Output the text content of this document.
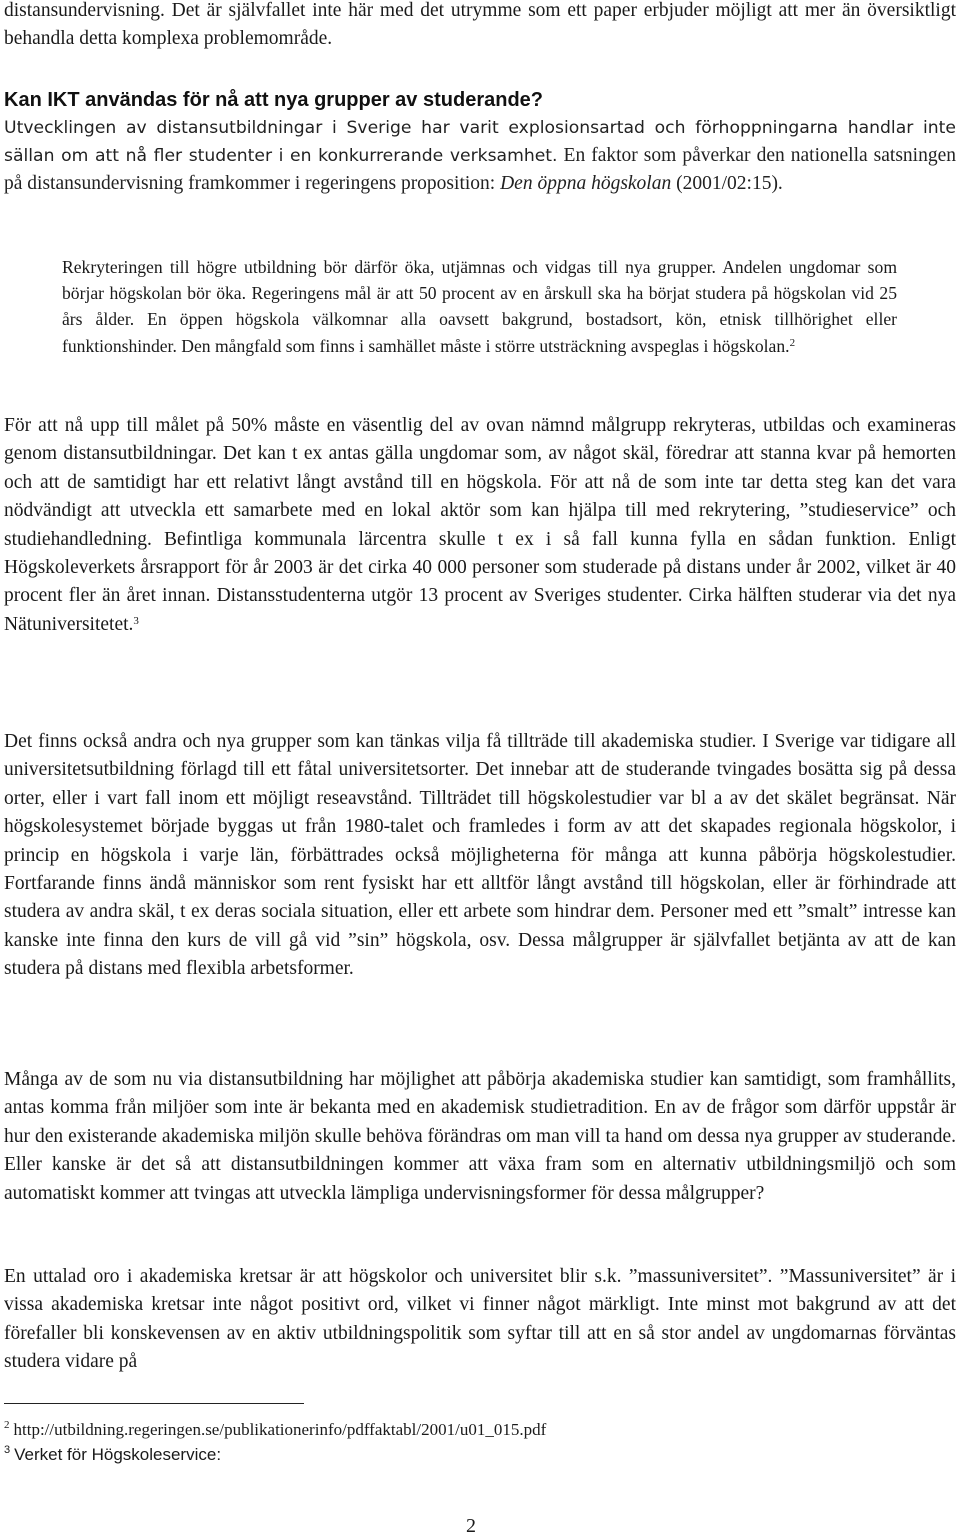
distansundervisning. Det är självfallet inte här med det utrymme som ett paper erbjuder möjligt att mer än översiktligt behandla detta komplexa problemområde.

Kan IKT användas för nå att nya grupper av studerande?

Utvecklingen av distansutbildningar i Sverige har varit explosionsartad och förhoppningarna handlar inte sällan om att nå fler studenter i en konkurrerande verksamhet. En faktor som påverkar den nationella satsningen på distansundervisning framkommer i regeringens proposition: Den öppna högskolan (2001/02:15).

Rekryteringen till högre utbildning bör därför öka, utjämnas och vidgas till nya grupper. Andelen ungdomar som börjar högskolan bör öka. Regeringens mål är att 50 procent av en årskull ska ha börjat studera på högskolan vid 25 års ålder. En öppen högskola välkomnar alla oavsett bakgrund, bostadsort, kön, etnisk tillhörighet eller funktionshinder. Den mångfald som finns i samhället måste i större utsträckning avspeglas i högskolan.$^2$

För att nå upp till målet på 50% måste en väsentlig del av ovan nämnd målgrupp rekryteras, utbildas och examineras genom distansutbildningar. Det kan t ex antas gälla ungdomar som, av något skäl, föredrar att stanna kvar på hemorten och att de samtidigt har ett relativt långt avstånd till en högskola. För att nå de som inte tar detta steg kan det vara nödvändigt att utveckla ett samarbete med en lokal aktör som kan hjälpa till med rekrytering, ”studieservice” och studiehandledning. Befintliga kommunala lärcentra skulle t ex i så fall kunna fylla en sådan funktion. Enligt Högskoleverkets årsrapport för år 2003 är det cirka 40 000 personer som studerade på distans under år 2002, vilket är 40 procent fler än året innan. Distansstudenterna utgör 13 procent av Sveriges studenter. Cirka hälften studerar via det nya Nätuniversitetet.$^3$

Det finns också andra och nya grupper som kan tänkas vilja få tillträde till akademiska studier. I Sverige var tidigare all universitetsutbildning förlagd till ett fåtal universitetsorter. Det innebar att de studerande tvingades bosätta sig på dessa orter, eller i vart fall inom ett möjligt reseavstånd. Tillträdet till högskolestudier var bl a av det skälet begränsat. När högskolesystemet började byggas ut från 1980-talet och framledes i form av att det skapades regionala högskolor, i princip en högskola i varje län, förbättrades också möjligheterna för många att kunna påbörja högskolestudier. Fortfarande finns ändå människor som rent fysiskt har ett alltför långt avstånd till högskolan, eller är förhindrade att studera av andra skäl, t ex deras sociala situation, eller ett arbete som hindrar dem. Personer med ett ”smalt” intresse kan kanske inte finna den kurs de vill gå vid ”sin” högskola, osv. Dessa målgrupper är självfallet betjänta av att de kan studera på distans med flexibla arbetsformer.

Många av de som nu via distansutbildning har möjlighet att påbörja akademiska studier kan samtidigt, som framhållits, antas komma från miljöer som inte är bekanta med en akademisk studietradition. En av de frågor som därför uppstår är hur den existerande akademiska miljön skulle behöva förändras om man vill ta hand om dessa nya grupper av studerande. Eller kanske är det så att distansutbildningen kommer att växa fram som en alternativ utbildningsmiljö och som automatiskt kommer att tvingas att utveckla lämpliga undervisningsformer för dessa målgrupper?

En uttalad oro i akademiska kretsar är att högskolor och universitet blir s.k. ”massuniversitet”. ”Massuniversitet” är i vissa akademiska kretsar inte något positivt ord, vilket vi finner något märkligt. Inte minst mot bakgrund av att det förefaller bli konskevensen av en aktiv utbildningspolitik som syftar till att en så stor andel av ungdomarnas förväntas studera vidare på

$^2$ http://utbildning.regeringen.se/publikationerinfo/pdffaktabl/2001/u01_015.pdf
$^3$ Verket för Högskoleservice:
2
